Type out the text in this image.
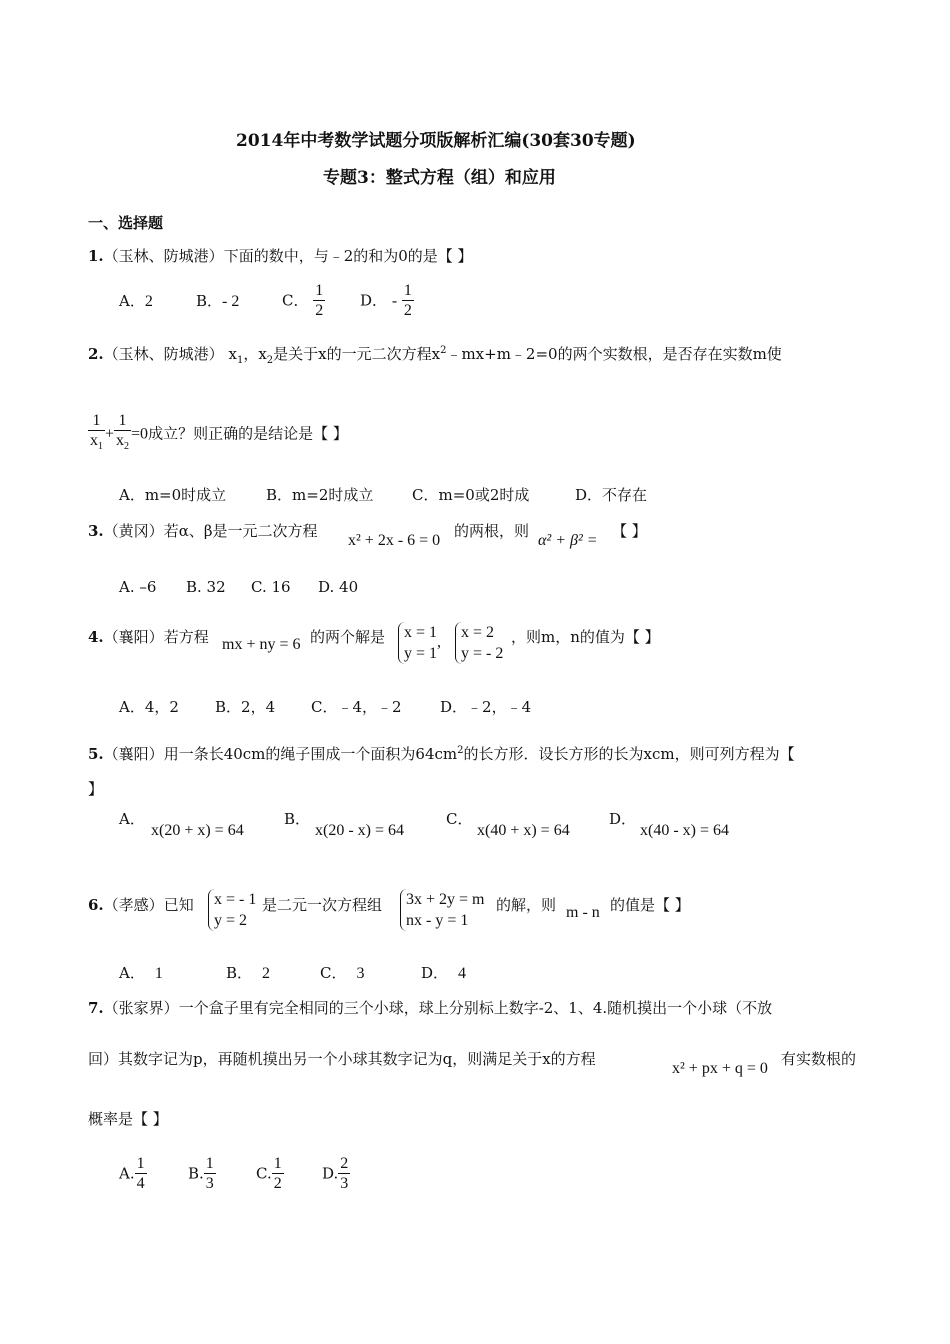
2014年中考数学试题分项版解析汇编(30套30专题)
专题3：整式方程（组）和应用
一、选择题
1.（玉林、防城港）下面的数中，与﹣2的和为0的是【 】
A．2	B．- 2	C． $\frac{1}{2}$ D． - $\frac{1}{2}$
2.（玉林、防城港） $x_1$，$x_2$是关于x的一元二次方程$x^2﹣mx+m﹣2=0$的两个实数根，是否存在实数m使
$\frac{1}{x_1} + \frac{1}{x_2} =0$成立？则正确的是结论是【 】
A．m=0时成立	B．m=2时成立	C．m=0或2时成	D．不存在
3.（黄冈）若α、β是一元二次方程
x² + 2x - 6 = 0
的两根，则
α² + β² =
【 】
A. –6 B. 32 C. 16 D. 40
4.（襄阳）若方程 mx + ny = 6 的两个解是 x = 1
y = 1
,
x = 2
y = - 2
，则m，n的值为【 】
A．4，2 B．2，4 C．﹣4，﹣2	D．﹣2，﹣4
5.（襄阳）用一条长40cm的绳子围成一个面积为$64cm^2$的长方形．设长方形的长为xcm，则可列方程为【
】
A．
x(20 + x) = 64
B．
x(20 - x) = 64
C．
x(40 + x) = 64
D．
x(40 - x) = 64
6.（孝感）已知 x = - 1
y = 2
是二元一次方程组 3x + 2y = m
nx - y = 1
的解，则 m - n 的值是【 】
A． 1	B． 2	C． 3	D． 4
7.（张家界）一个盒子里有完全相同的三个小球，球上分别标上数字-2、1、4.随机摸出一个小球（不放
回）其数字记为p，再随机摸出另一个小球其数字记为q，则满足关于x的方程
x² + px + q = 0
有实数根的
概率是【 】
A. $\frac{1}{4}$	B. $\frac{1}{3}$	C. $\frac{1}{2}$	D. $\frac{2}{3}$
